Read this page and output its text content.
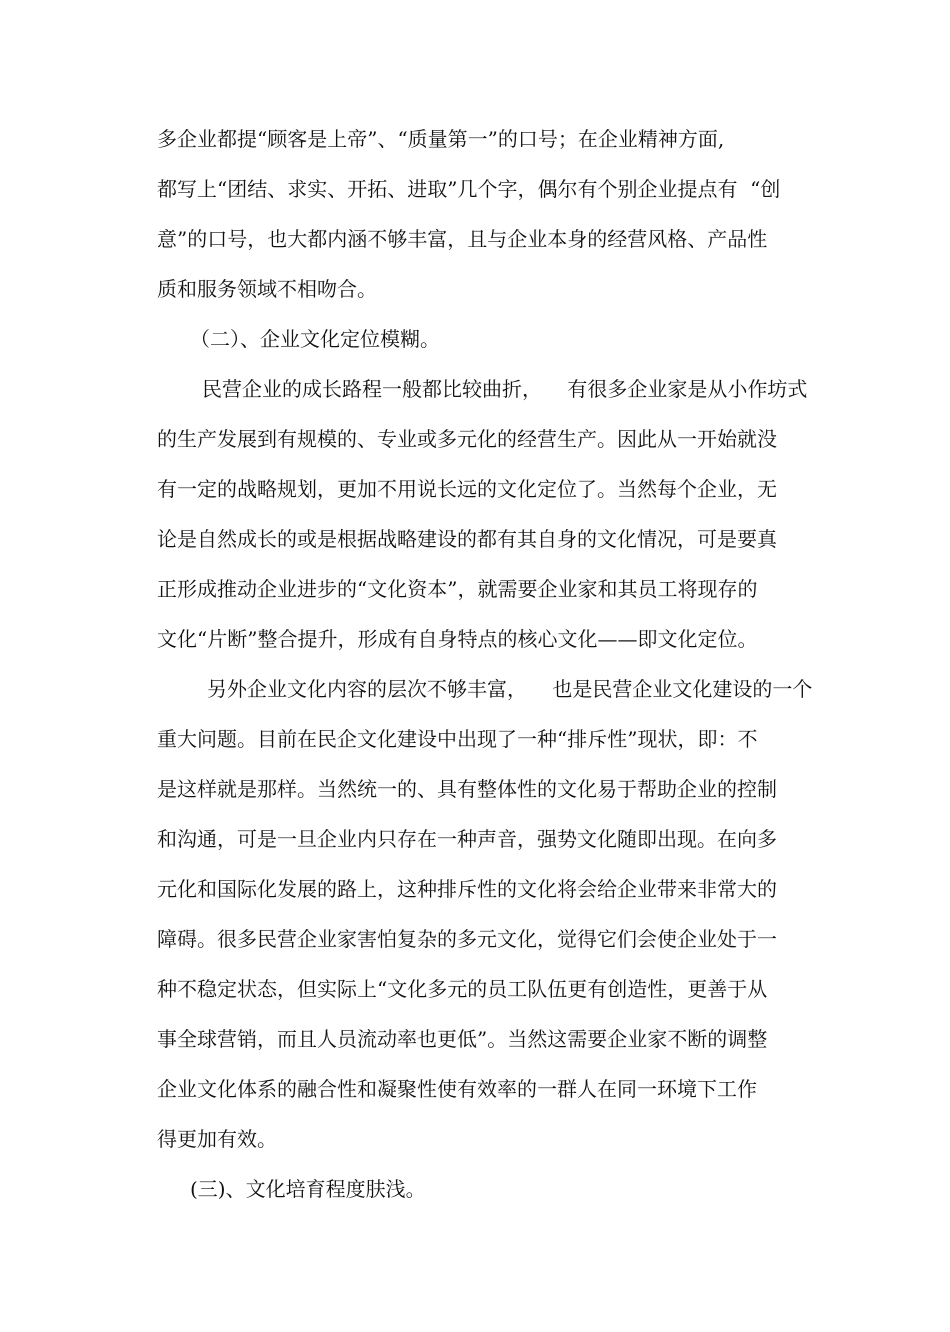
多企业都提“顾客是上帝”、“质量第一”的口号；在企业精神方面,
都写上“团结、求实、开拓、进取”几个字，偶尔有个别企业提点有  “创
意”的口号，也大都内涵不够丰富，且与企业本身的经营风格、产品性
质和服务领域不相吻合。
（二）、企业文化定位模糊。
民营企业的成长路程一般都比较曲折，    有很多企业家是从小作坊式
的生产发展到有规模的、专业或多元化的经营生产。因此从一开始就没
有一定的战略规划，更加不用说长远的文化定位了。当然每个企业，无
论是自然成长的或是根据战略建设的都有其自身的文化情况，可是要真
正形成推动企业进步的“文化资本”，就需要企业家和其员工将现存的
文化“片断”整合提升，形成有自身特点的核心文化——即文化定位。
另外企业文化内容的层次不够丰富，    也是民营企业文化建设的一个
重大问题。目前在民企文化建设中出现了一种“排斥性”现状，即：不
是这样就是那样。当然统一的、具有整体性的文化易于帮助企业的控制
和沟通，可是一旦企业内只存在一种声音，强势文化随即出现。在向多
元化和国际化发展的路上，这种排斥性的文化将会给企业带来非常大的
障碍。很多民营企业家害怕复杂的多元文化，觉得它们会使企业处于一
种不稳定状态，但实际上“文化多元的员工队伍更有创造性，更善于从
事全球营销，而且人员流动率也更低”。当然这需要企业家不断的调整
企业文化体系的融合性和凝聚性使有效率的一群人在同一环境下工作
得更加有效。
(三)、文化培育程度肤浅。
